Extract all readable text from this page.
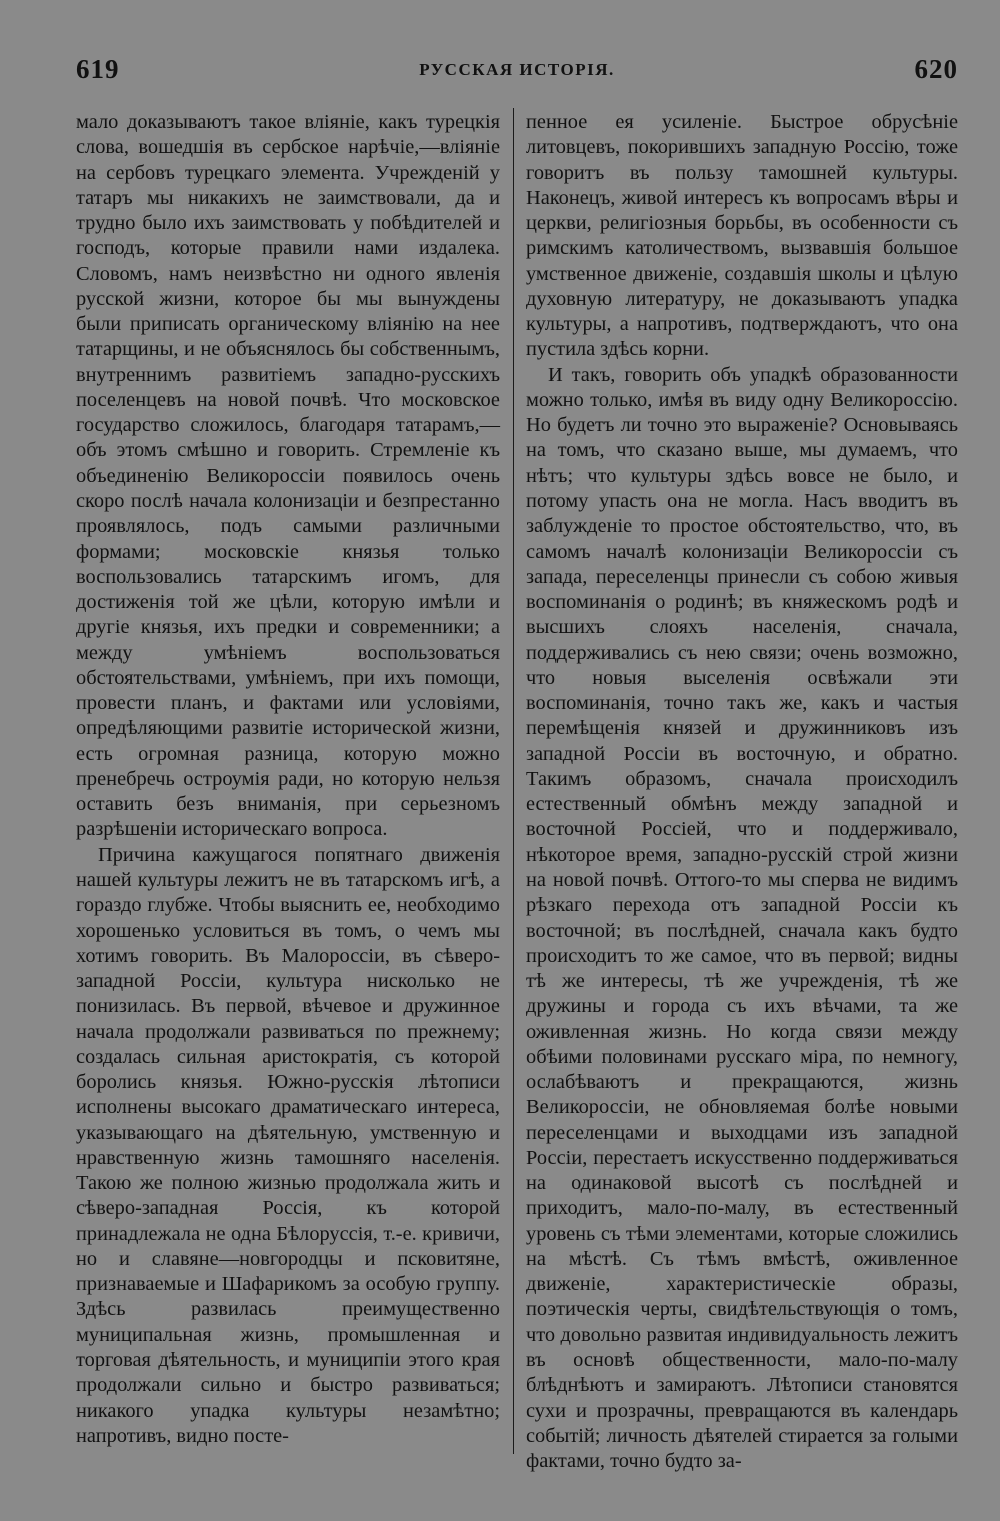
619	РУССКАЯ ИСТОРІЯ.	620

мало доказываютъ такое вліяніе, какъ турецкія слова, вошедшія въ сербское нарѣчіе,—вліяніе на сербовъ турецкаго элемента. Учрежденій у татаръ мы никакихъ не заимствовали, да и трудно было ихъ заимствовать у побѣдителей и господъ, которые правили нами издалека. Словомъ, намъ неизвѣстно ни одного явленія русской жизни, которое бы мы вынуждены были приписать органическому вліянію на нее татарщины, и не объяснялось бы собственнымъ, внутреннимъ развитіемъ западно-русскихъ поселенцевъ на новой почвѣ. Что московское государство сложилось, благодаря татарамъ,—объ этомъ смѣшно и говорить. Стремленіе къ объединенію Великороссіи появилось очень скоро послѣ начала колонизаціи и безпрестанно проявлялось, подъ самыми различными формами; московскіе князья только воспользовались татарскимъ игомъ, для достиженія той же цѣли, которую имѣли и другіе князья, ихъ предки и современники; а между умѣніемъ воспользоваться обстоятельствами, умѣніемъ, при ихъ помощи, провести планъ, и фактами или условіями, опредѣляющими развитіе исторической жизни, есть огромная разница, которую можно пренебречь остроумія ради, но которую нельзя оставить безъ вниманія, при серьезномъ разрѣшеніи историческаго вопроса.

Причина кажущагося попятнаго движенія нашей культуры лежитъ не въ татарскомъ игѣ, а гораздо глубже. Чтобы выяснить ее, необходимо хорошенько условиться въ томъ, о чемъ мы хотимъ говорить. Въ Малороссіи, въ сѣверо-западной Россіи, культура нисколько не понизилась. Въ первой, вѣчевое и дружинное начала продолжали развиваться по прежнему; создалась сильная аристократія, съ которой боролись князья. Южно-русскія лѣтописи исполнены высокаго драматическаго интереса, указывающаго на дѣятельную, умственную и нравственную жизнь тамошняго населенія. Такою же полною жизнью продолжала жить и сѣверо-западная Россія, къ которой принадлежала не одна Бѣлоруссія, т.-е. кривичи, но и славяне—новгородцы и псковитяне, признаваемые и Шафарикомъ за особую группу. Здѣсь развилась преимущественно муниципальная жизнь, промышленная и торговая дѣятельность, и муниципіи этого края продолжали сильно и быстро развиваться; никакого упадка культуры незамѣтно; напротивъ, видно посте-

пенное ея усиленіе. Быстрое обрусѣніе литовцевъ, покорившихъ западную Россію, тоже говоритъ въ пользу тамошней культуры. Наконецъ, живой интересъ къ вопросамъ вѣры и церкви, религіозныя борьбы, въ особенности съ римскимъ католичествомъ, вызвавшія большое умственное движеніе, создавшія школы и цѣлую духовную литературу, не доказываютъ упадка культуры, а напротивъ, подтверждаютъ, что она пустила здѣсь корни.

И такъ, говорить объ упадкѣ образованности можно только, имѣя въ виду одну Великороссію. Но будетъ ли точно это выраженіе? Основываясь на томъ, что сказано выше, мы думаемъ, что нѣтъ; что культуры здѣсь вовсе не было, и потому упасть она не могла. Насъ вводитъ въ заблужденіе то простое обстоятельство, что, въ самомъ началѣ колонизаціи Великороссіи съ запада, переселенцы принесли съ собою живыя воспоминанія о родинѣ; въ княжескомъ родѣ и высшихъ слояхъ населенія, сначала, поддерживались съ нею связи; очень возможно, что новыя выселенія освѣжали эти воспоминанія, точно такъ же, какъ и частыя перемѣщенія князей и дружинниковъ изъ западной Россіи въ восточную, и обратно. Такимъ образомъ, сначала происходилъ естественный обмѣнъ между западной и восточной Россіей, что и поддерживало, нѣкоторое время, западно-русскій строй жизни на новой почвѣ. Оттого-то мы сперва не видимъ рѣзкаго перехода отъ западной Россіи къ восточной; въ послѣдней, сначала какъ будто происходитъ то же самое, что въ первой; видны тѣ же интересы, тѣ же учрежденія, тѣ же дружины и города съ ихъ вѣчами, та же оживленная жизнь. Но когда связи между обѣими половинами русскаго міра, по немногу, ослабѣваютъ и прекращаются, жизнь Великороссіи, не обновляемая болѣе новыми переселенцами и выходцами изъ западной Россіи, перестаетъ искусственно поддерживаться на одинаковой высотѣ съ послѣдней и приходитъ, мало-по-малу, въ естественный уровень съ тѣми элементами, которые сложились на мѣстѣ. Съ тѣмъ вмѣстѣ, оживленное движеніе, характеристическіе образы, поэтическія черты, свидѣтельствующія о томъ, что довольно развитая индивидуальность лежитъ въ основѣ общественности, мало-по-малу блѣднѣютъ и замираютъ. Лѣтописи становятся сухи и прозрачны, превращаются въ календарь событій; личность дѣятелей стирается за голыми фактами, точно будто за-
